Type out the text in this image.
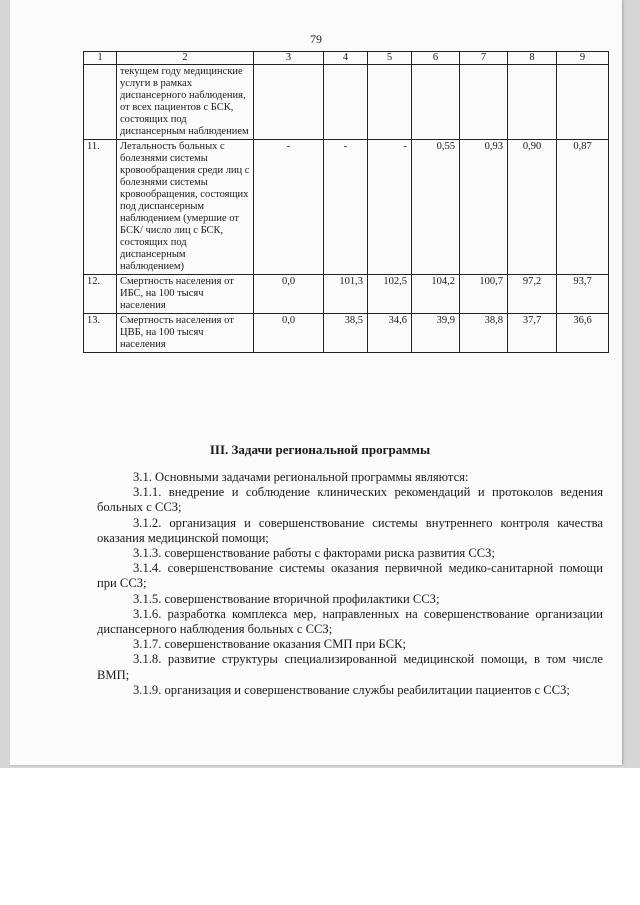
79
1	2	3	4	5	6	7	8	9
	текущем году медицинские услуги в рамках диспансерного наблюдения, от всех пациентов с БСК, состоящих под диспансерным наблюдением							
11.	Летальность больных с болезнями системы кровообращения среди лиц с болезнями системы кровообращения, состоящих под диспансерным наблюдением (умершие от БСК/ число лиц с БСК, состоящих под диспансерным наблюдением)	-	-	-	0,55	0,93	0,90	0,87
12.	Смертность населения от ИБС, на 100 тысяч населения	0,0	101,3	102,5	104,2	100,7	97,2	93,7
13.	Смертность населения от ЦВБ, на 100 тысяч населения	0,0	38,5	34,6	39,9	38,8	37,7	36,6
III. Задачи региональной программы

3.1. Основными задачами региональной программы являются:

3.1.1. внедрение и соблюдение клинических рекомендаций и протоколов ведения больных с ССЗ;

3.1.2. организация и совершенствование системы внутреннего контроля качества оказания медицинской помощи;

3.1.3. совершенствование работы с факторами риска развития ССЗ;

3.1.4. совершенствование системы оказания первичной медико-санитарной помощи при ССЗ;

3.1.5. совершенствование вторичной профилактики ССЗ;

3.1.6. разработка комплекса мер, направленных на совершенствование организации диспансерного наблюдения больных с ССЗ;

3.1.7. совершенствование оказания СМП при БСК;

3.1.8. развитие структуры специализированной медицинской помощи, в том числе ВМП;

3.1.9. организация и совершенствование службы реабилитации пациентов с ССЗ;
